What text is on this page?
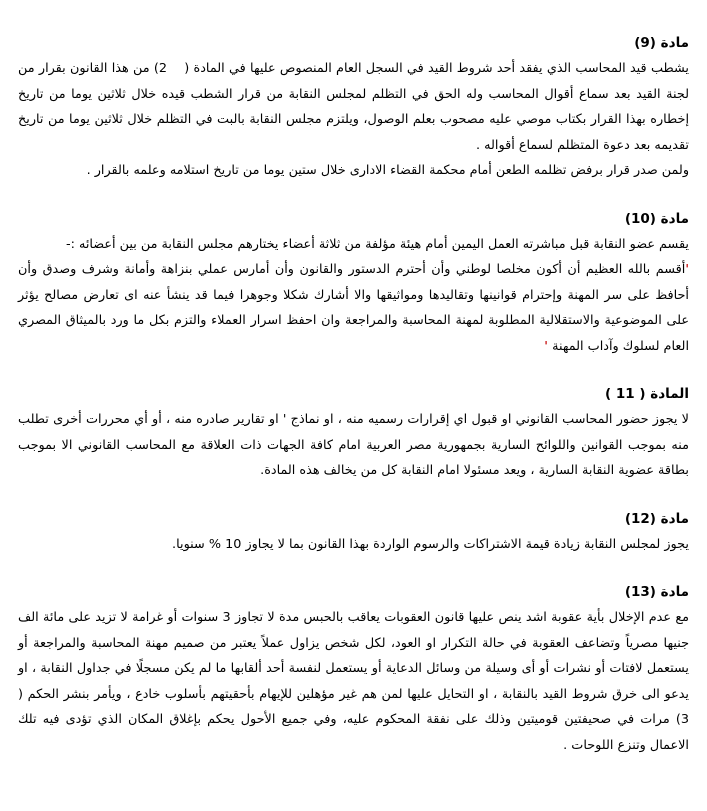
مادة (9)

يشطب قيد المحاسب الذي يفقد أحد شروط القيد في السجل العام المنصوص عليها في المادة (    2) من هذا القانون بقرار من لجنة القيد بعد سماع أقوال المحاسب وله الحق في التظلم لمجلس النقابة من قرار الشطب قيده خلال ثلاثين يوما من تاريخ إخطاره بهذا القرار بكتاب موصي عليه مصحوب بعلم الوصول، ويلتزم مجلس النقابة بالبت في التظلم خلال ثلاثين يوما من تاريخ تقديمه بعد دعوة المتظلم لسماع أقواله .

ولمن صدر قرار برفض تظلمه الطعن أمام محكمة القضاء الادارى خلال ستين يوما من تاريخ استلامه وعلمه بالقرار .

مادة (10)

يقسم عضو النقابة قبل مباشرته العمل اليمين أمام هيئة مؤلفة من ثلاثة أعضاء يختارهم مجلس النقابة من بين أعضائه :-

'أقسم بالله العظيم أن أكون مخلصا لوطني وأن أحترم الدستور والقانون وأن أمارس عملي بنزاهة وأمانة وشرف وصدق وأن أحافظ على سر المهنة وإحترام قوانينها وتقاليدها ومواثيقها والا أشارك شكلا وجوهرا فيما قد ينشأ عنه اى تعارض مصالح يؤثر على الموضوعية والاستقلالية المطلوبة لمهنة المحاسبة والمراجعة وان احفظ اسرار العملاء والتزم بكل ما ورد بالميثاق المصري العام لسلوك وآداب المهنة '

المادة ( 11 )

لا يجوز حضور المحاسب القانوني او قبول اي إقرارات رسميه منه ، او نماذج ' او تقارير صادره منه ، أو أي محررات أخرى تطلب منه بموجب القوانين واللوائح السارية بجمهورية مصر العربية امام كافة الجهات ذات العلاقة مع المحاسب القانوني الا بموجب بطاقة عضوية النقابة السارية ، ويعد مسئولا امام النقابة كل من يخالف هذه المادة.

مادة (12)

يجوز لمجلس النقابة زيادة قيمة الاشتراكات والرسوم الواردة بهذا القانون بما لا يجاوز 10 % سنويا.

مادة (13)

مع عدم الإخلال بأية عقوبة اشد ينص عليها قانون العقوبات يعاقب بالحبس مدة لا تجاوز 3 سنوات أو غرامة لا تزيد على مائة الف جنيها مصرياً وتضاعف العقوبة في حالة التكرار او العود، لكل شخص يزاول عملاً يعتبر من صميم مهنة المحاسبة والمراجعة أو يستعمل لافتات أو نشرات أو أى وسيلة من وسائل الدعاية أو يستعمل لنفسة أحد ألقابها ما لم يكن مسجلًا في جداول النقابة ، او يدعو الى خرق شروط القيد بالنقابة ، او التحايل عليها لمن هم غير مؤهلين للإيهام بأحقيتهم بأسلوب خادع ، ويأمر بنشر الحكم ( 3) مرات في صحيفتين قوميتين وذلك على نفقة المحكوم عليه، وفي جميع الأحول يحكم بإغلاق المكان الذي تؤدى فيه تلك الاعمال وتنزع اللوحات .
